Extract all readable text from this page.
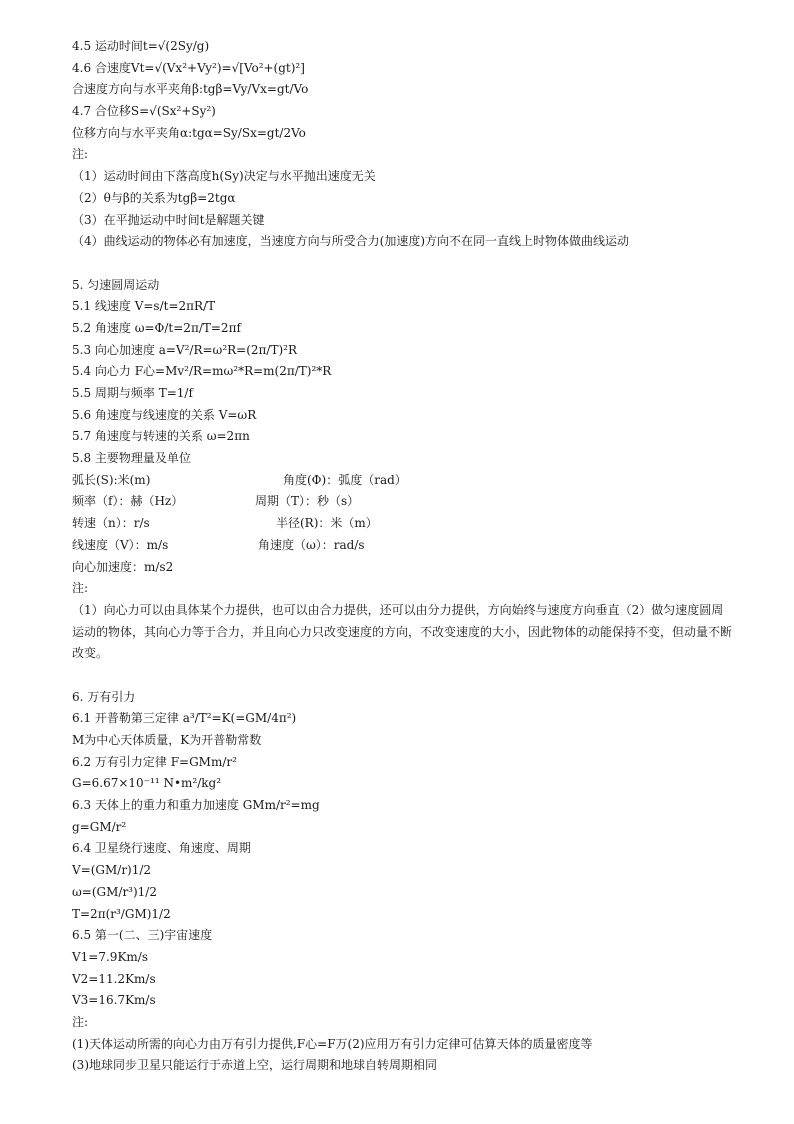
4.5 运动时间t=√(2Sy/g)
4.6 合速度Vt=√(Vx²+Vy²)=√[Vo²+(gt)²]
合速度方向与水平夹角β:tgβ=Vy/Vx=gt/Vo
4.7 合位移S=√(Sx²+Sy²)
位移方向与水平夹角α:tgα=Sy/Sx=gt/2Vo
注:
（1）运动时间由下落高度h(Sy)决定与水平抛出速度无关
（2）θ与β的关系为tgβ=2tgα
（3）在平抛运动中时间t是解题关键
（4）曲线运动的物体必有加速度，当速度方向与所受合力(加速度)方向不在同一直线上时物体做曲线运动
5. 匀速圆周运动
5.1 线速度 V=s/t=2πR/T
5.2 角速度 ω=Φ/t=2π/T=2πf
5.3 向心加速度 a=V²/R=ω²R=(2π/T)²R
5.4 向心力 F心=Mv²/R=mω²*R=m(2π/T)²*R
5.5 周期与频率 T=1/f
5.6 角速度与线速度的关系 V=ωR
5.7 角速度与转速的关系 ω=2πn
5.8 主要物理量及单位
弧长(S):米(m)	角度(Φ)：弧度（rad）
频率（f）：赫（Hz）	周期（T）：秒（s）
转速（n）：r/s	半径(R)：米（m）
线速度（V）：m/s	角速度（ω）：rad/s
向心加速度：m/s2
注:
（1）向心力可以由具体某个力提供，也可以由合力提供，还可以由分力提供，方向始终与速度方向垂直（2）做匀速度圆周运动的物体，其向心力等于合力，并且向心力只改变速度的方向，不改变速度的大小，因此物体的动能保持不变，但动量不断改变。
6. 万有引力
6.1 开普勒第三定律 a³/T²=K(=GM/4π²)
M为中心天体质量，K为开普勒常数
6.2 万有引力定律 F=GMm/r²
G=6.67×10⁻¹¹ N•m²/kg²
6.3 天体上的重力和重力加速度 GMm/r²=mg
g=GM/r²
6.4 卫星绕行速度、角速度、周期
V=(GM/r)1/2
ω=(GM/r³)1/2
T=2π(r³/GM)1/2
6.5 第一(二、三)宇宙速度
V1=7.9Km/s
V2=11.2Km/s
V3=16.7Km/s
注:
(1)天体运动所需的向心力由万有引力提供,F心=F万(2)应用万有引力定律可估算天体的质量密度等
(3)地球同步卫星只能运行于赤道上空，运行周期和地球自转周期相同
